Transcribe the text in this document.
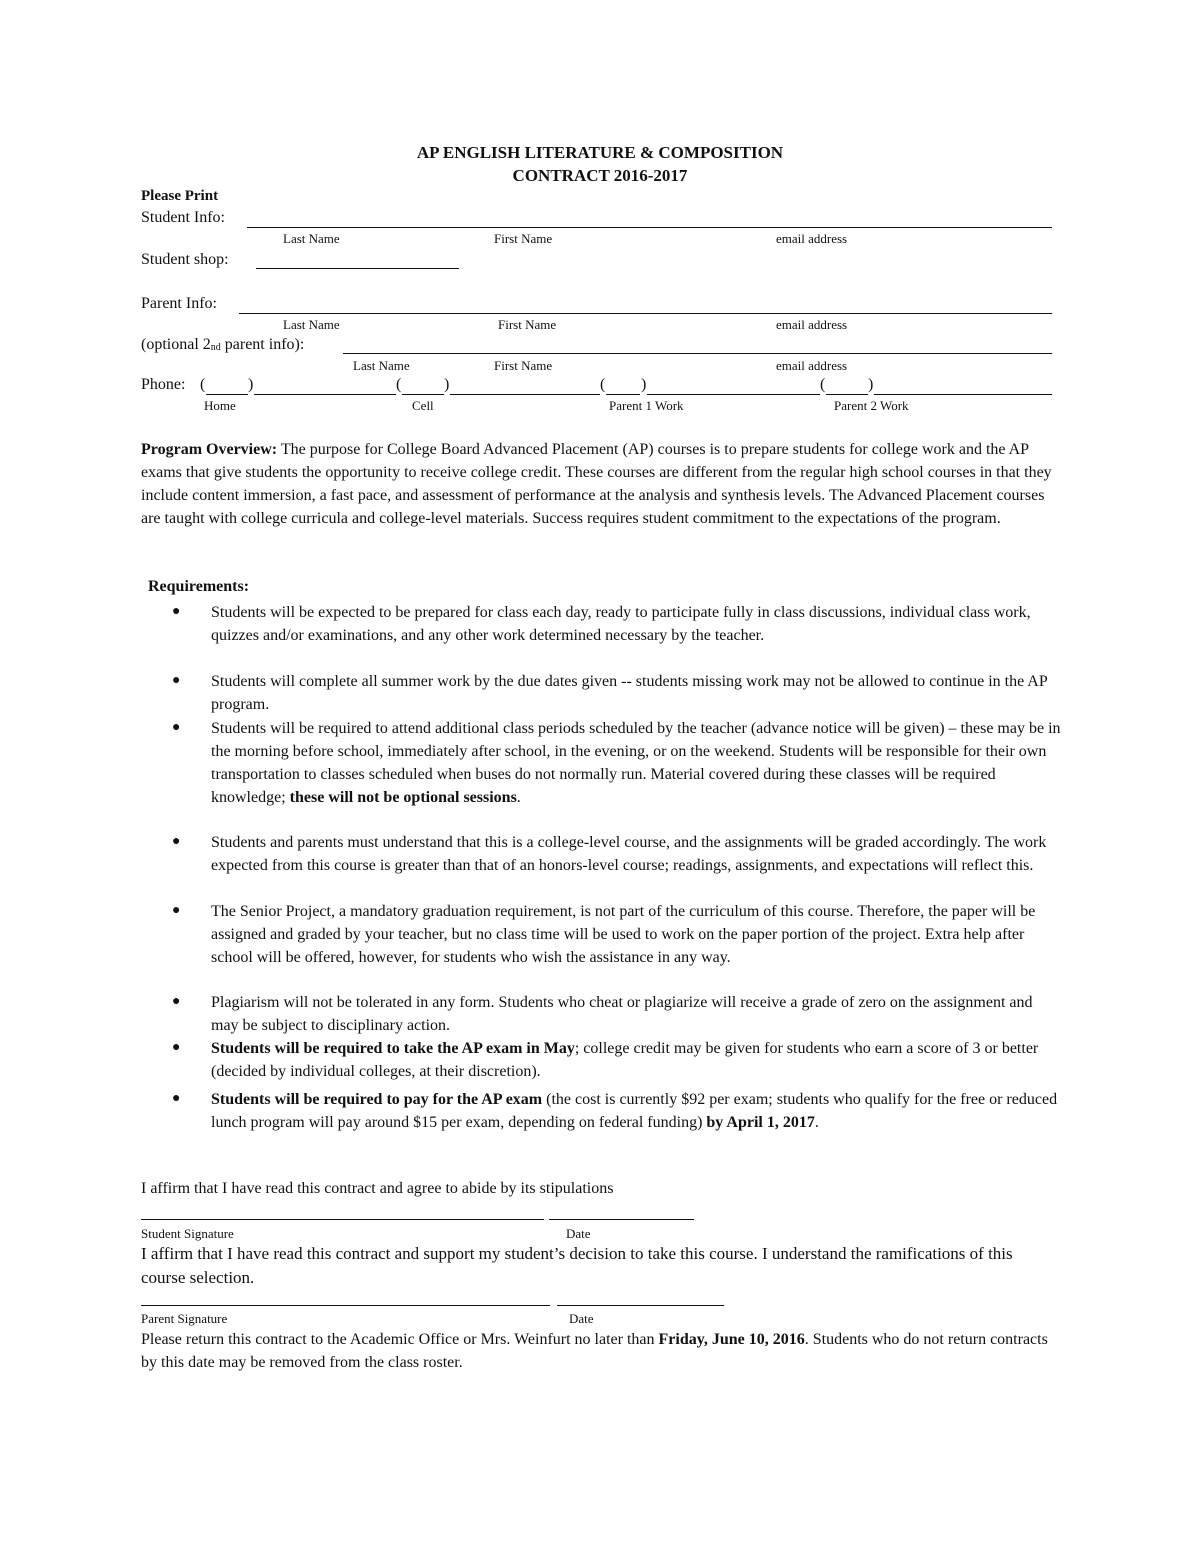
AP ENGLISH LITERATURE & COMPOSITION
CONTRACT 2016-2017
Please Print
Student Info:
Last Name	First Name	email address
Student shop:
Parent Info:
Last Name	First Name	email address
(optional $2_{nd}$ parent info):
Last Name	First Name	email address
Phone: (	)	(	)	( )	(	)
Home	Cell	Parent 1 Work	Parent 2 Work
Program Overview: The purpose for College Board Advanced Placement (AP) courses is to prepare students for college work and the AP exams that give students the opportunity to receive college credit. These courses are different from the regular high school courses in that they include content immersion, a fast pace, and assessment of performance at the analysis and synthesis levels. The Advanced Placement courses are taught with college curricula and college-level materials. Success requires student commitment to the expectations of the program.
Requirements:
● Students will be expected to be prepared for class each day, ready to participate fully in class discussions, individual class work, quizzes and/or examinations, and any other work determined necessary by the teacher.
● Students will complete all summer work by the due dates given -- students missing work may not be allowed to continue in the AP program.
● Students will be required to attend additional class periods scheduled by the teacher (advance notice will be given) – these may be in the morning before school, immediately after school, in the evening, or on the weekend. Students will be responsible for their own transportation to classes scheduled when buses do not normally run. Material covered during these classes will be required knowledge; these will not be optional sessions.
● Students and parents must understand that this is a college-level course, and the assignments will be graded accordingly. The work expected from this course is greater than that of an honors-level course; readings, assignments, and expectations will reflect this.
● The Senior Project, a mandatory graduation requirement, is not part of the curriculum of this course. Therefore, the paper will be assigned and graded by your teacher, but no class time will be used to work on the paper portion of the project. Extra help after school will be offered, however, for students who wish the assistance in any way.
● Plagiarism will not be tolerated in any form. Students who cheat or plagiarize will receive a grade of zero on the assignment and may be subject to disciplinary action.
● Students will be required to take the AP exam in May; college credit may be given for students who earn a score of 3 or better (decided by individual colleges, at their discretion).
● Students will be required to pay for the AP exam (the cost is currently $92 per exam; students who qualify for the free or reduced lunch program will pay around $15 per exam, depending on federal funding) by April 1, 2017.
I affirm that I have read this contract and agree to abide by its stipulations
Student Signature	Date
I affirm that I have read this contract and support my student’s decision to take this course. I understand the ramifications of this course selection.
Parent Signature	Date
Please return this contract to the Academic Office or Mrs. Weinfurt no later than Friday, June 10, 2016. Students who do not return contracts by this date may be removed from the class roster.
